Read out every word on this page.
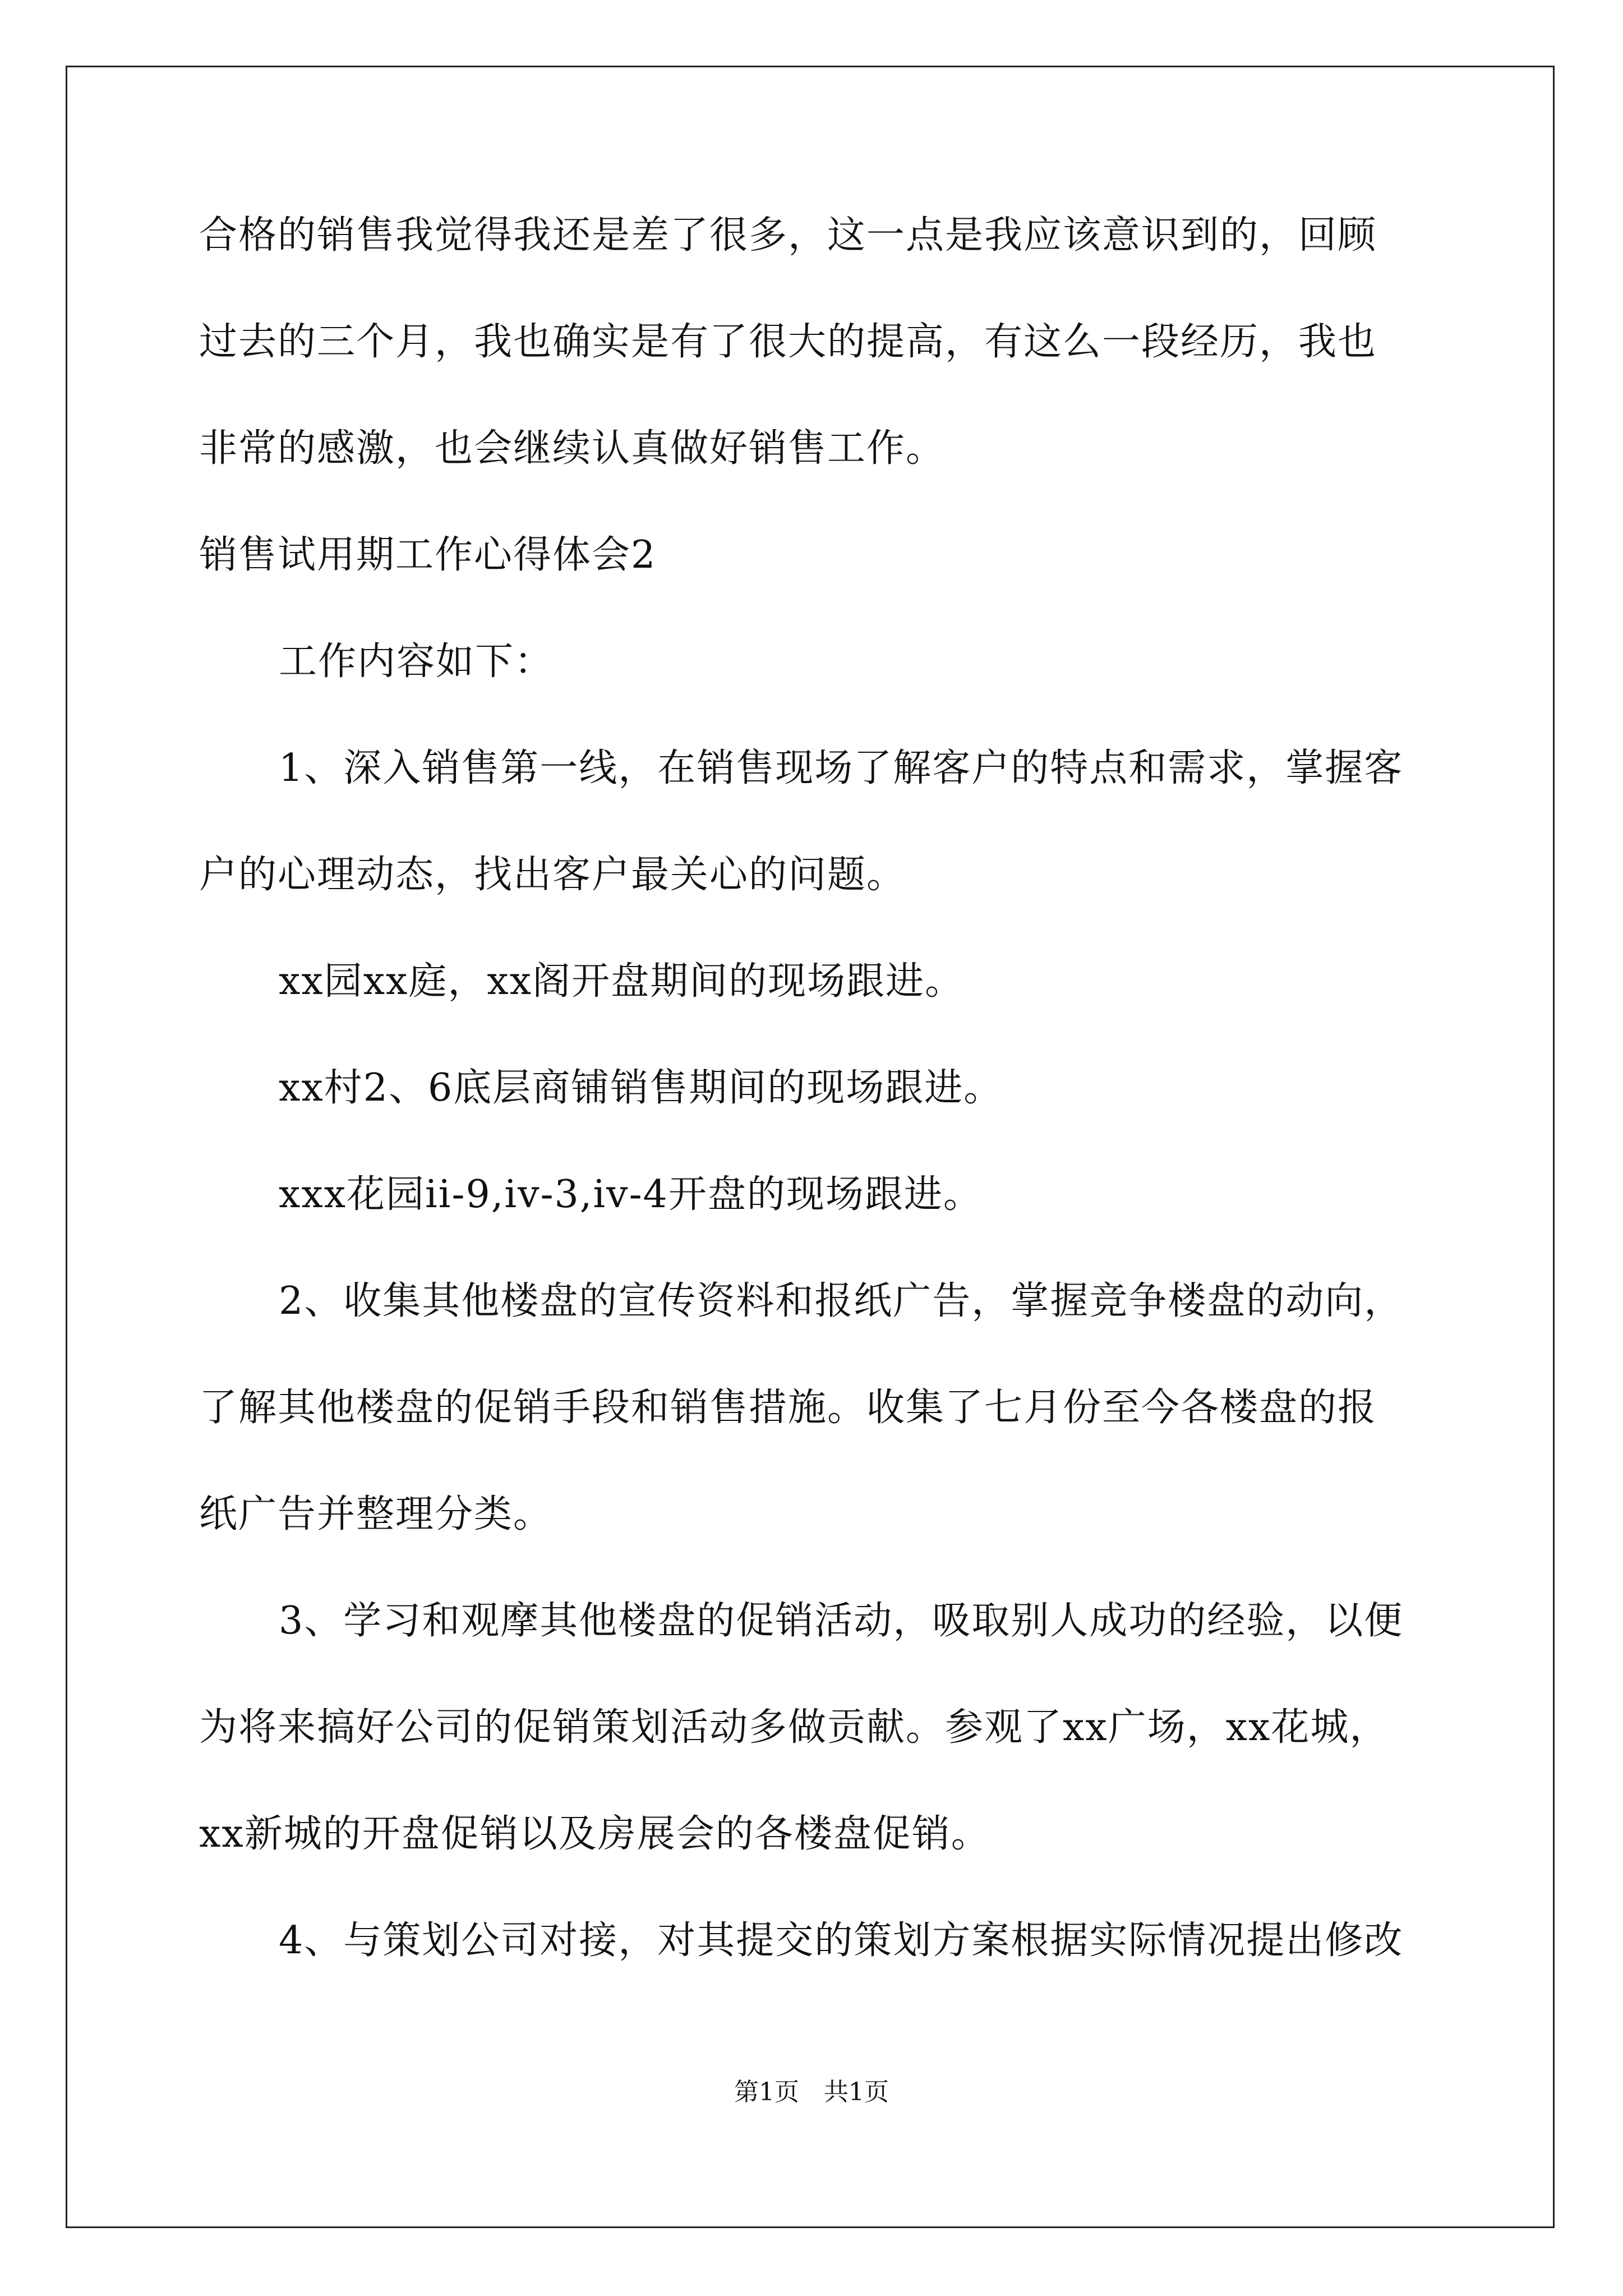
合格的销售我觉得我还是差了很多，这一点是我应该意识到的，回顾
过去的三个月，我也确实是有了很大的提高，有这么一段经历，我也
非常的感激，也会继续认真做好销售工作。
销售试用期工作心得体会2
工作内容如下：
1、深入销售第一线，在销售现场了解客户的特点和需求，掌握客
户的心理动态，找出客户最关心的问题。
xx园xx庭，xx阁开盘期间的现场跟进。
xx村2、6底层商铺销售期间的现场跟进。
xxx花园ii-9,iv-3,iv-4开盘的现场跟进。
2、收集其他楼盘的宣传资料和报纸广告，掌握竞争楼盘的动向，
了解其他楼盘的促销手段和销售措施。收集了七月份至今各楼盘的报
纸广告并整理分类。
3、学习和观摩其他楼盘的促销活动，吸取别人成功的经验，以便
为将来搞好公司的促销策划活动多做贡献。参观了xx广场，xx花城，
xx新城的开盘促销以及房展会的各楼盘促销。
4、与策划公司对接，对其提交的策划方案根据实际情况提出修改
第1页　共1页
